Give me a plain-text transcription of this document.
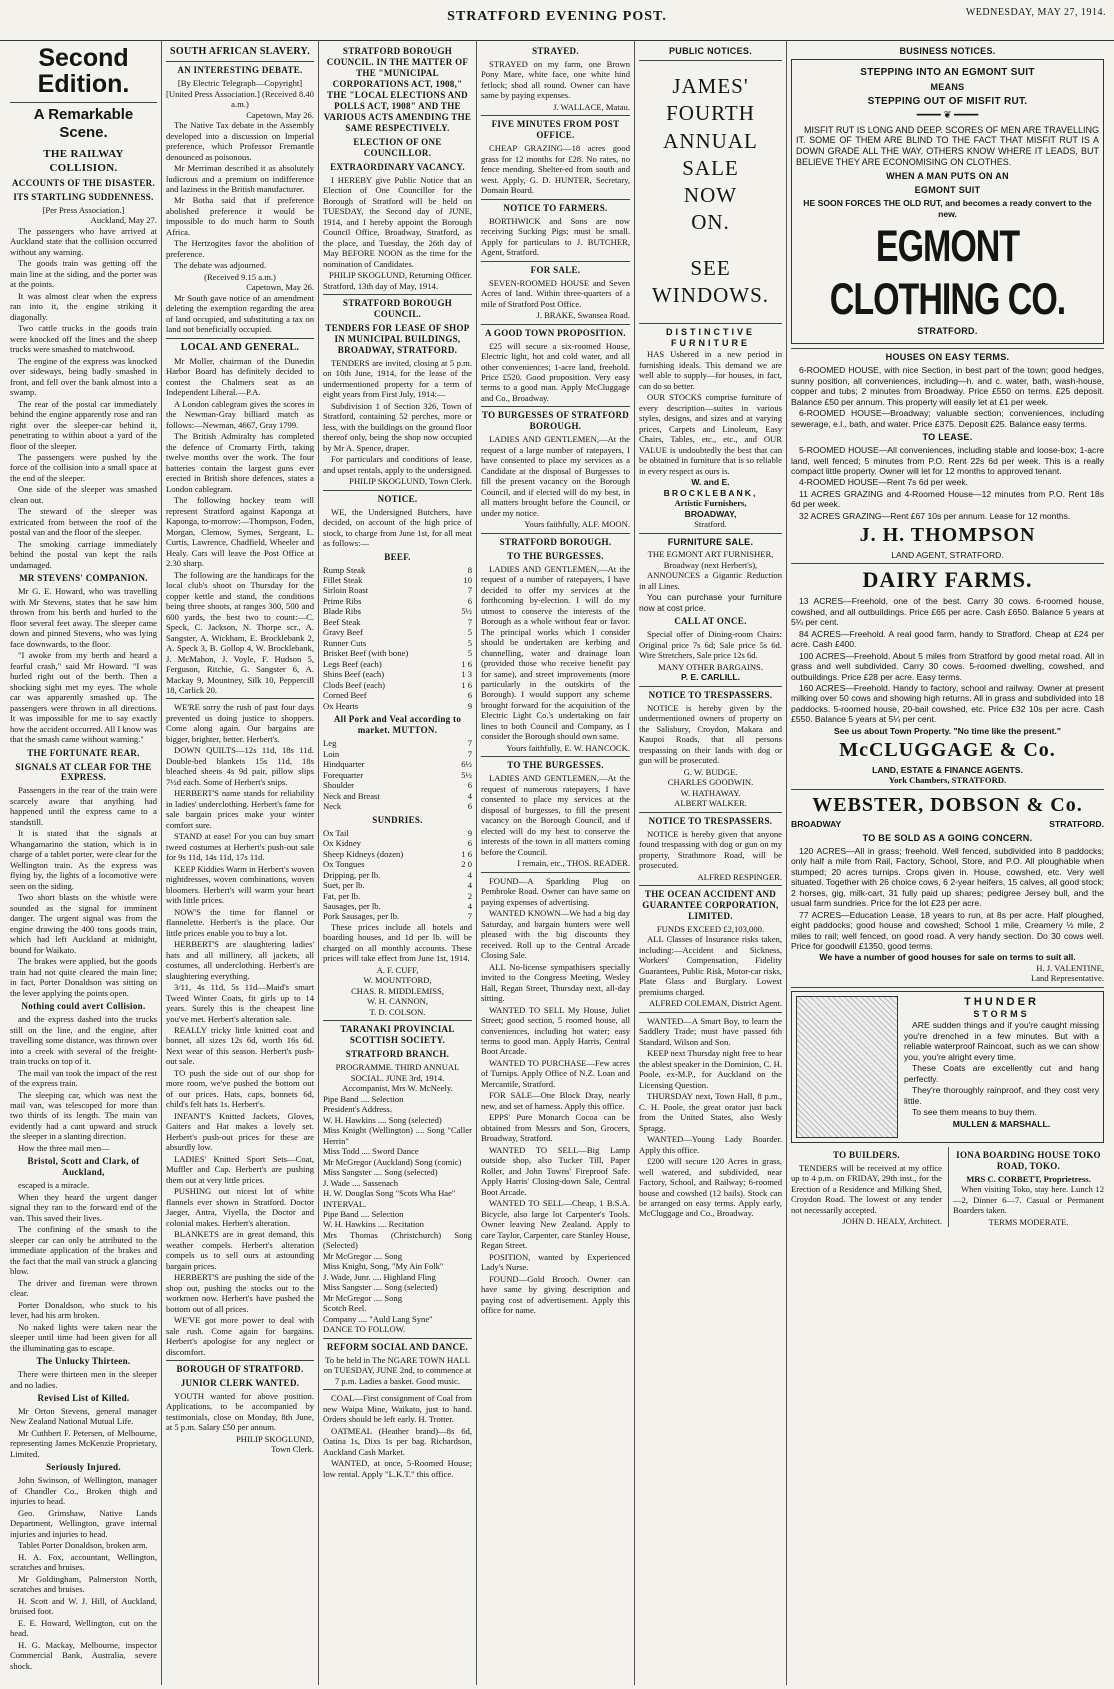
STRATFORD EVENING POST.	WEDNESDAY, MAY 27, 1914.
Second Edition.
A Remarkable Scene.
THE RAILWAY COLLISION.
ACCOUNTS OF THE DISASTER.
ITS STARTLING SUDDENNESS.
[Per Press Association.]
Auckland, May 27.

The passengers who have arrived at Auckland state that the collision occurred without any warning.

The goods train was getting off the main line at the siding, and the porter was at the points.

It was almost clear when the express ran into it, the engine striking it diagonally.

Two cattle trucks in the goods train were knocked off the lines and the sheep trucks were smashed to matchwood.

The engine of the express was knocked over sideways, being badly smashed in front, and fell over the bank almost into a swamp.

The rear of the postal car immediately behind the engine apparently rose and ran right over the sleeper-car behind it, penetrating to within about a yard of the floor of the sleeper.

The passengers were pushed by the force of the collision into a small space at the end of the sleeper.

One side of the sleeper was smashed clean out.

The steward of the sleeper was extricated from between the roof of the postal van and the floor of the sleeper.

The smoking carriage immediately behind the postal van kept the rails undamaged.

MR STEVENS' COMPANION.

Mr G. E. Howard, who was travelling with Mr Stevens, states that he saw him thrown from his berth and hurled to the floor several feet away. The sleeper came down and pinned Stevens, who was lying face downwards, to the floor.

"I awoke from my berth and heard a fearful crash," said Mr Howard. "I was hurled right out of the berth. Then a shocking sight met my eyes. The whole car was apparently smashed up. The passengers were thrown in all directions. It was impossible for me to say exactly how the accident occurred. All I know was that the smash came without warning."

THE FORTUNATE REAR.
SIGNALS AT CLEAR FOR THE EXPRESS.

Passengers in the rear of the train were scarcely aware that anything had happened until the express came to a standstill.

It is stated that the signals at Whangamarino the station, which is in charge of a tablet porter, were clear for the Wellington train. As the express was flying by, the lights of a locomotive were seen on the siding.

Two short blasts on the whistle were sounded as the signal for imminent danger. The urgent signal was from the engine drawing the 400 tons goods train, which had left Auckland at midnight, bound for Waikato.

The brakes were applied, but the goods train had not quite cleared the main line; in fact, Porter Donaldson was sitting on the lever applying the points open.

Nothing could avert Collision.

and the express dashed into the trucks still on the line, and the engine, after travelling some distance, was thrown over into a creek with several of the freight-train trucks on top of it.

The mail van took the impact of the rest of the express train.

The sleeping car, which was next the mail van, was telescoped for more than two thirds of its length. The main van evidently had a cant upward and struck the sleeper in a slanting direction.

How the three mail men—

Bristol, Scott and Clark, of Auckland,

escaped is a miracle.

When they heard the urgent danger signal they ran to the forward end of the van. This saved their lives.

The confining of the smash to the sleeper car can only be attributed to the immediate application of the brakes and the fact that the mail van struck a glancing blow.

The driver and fireman were thrown clear.

Porter Donaldson, who stuck to his lever, had his arm broken.

No naked lights were taken near the sleeper until time had been given for all the illuminating gas to escape.

The Unlucky Thirteen.

There were thirteen men in the sleeper and no ladies.

Revised List of Killed.

Mr Orton Stevens, general manager New Zealand National Mutual Life.

Mr Cuthbert F. Petersen, of Melbourne, representing James McKenzie Proprietary, Limited.

Seriously Injured.

John Swinson, of Wellington, manager of Chandler Co., Broken thigh and injuries to head.

Geo. Grimshaw, Native Lands Department, Wellington, grave internal injuries and injuries to head.

Tablet Porter Donaldson, broken arm.

H. A. Fox, accountant, Wellington, scratches and bruises.

Mr Goldingham, Palmerston North, scratches and bruises.

H. Scott and W. J. Hill, of Auckland, bruised foot.

E. E. Howard, Wellington, cut on the head.

H. G. Mackay, Melbourne, inspector Commercial Bank, Australia, severe shock.

SOUTH AFRICAN SLAVERY.
AN INTERESTING DEBATE.
[By Electric Telegraph—Copyright] [United Press Association.] (Received 8.40 a.m.)
Capetown, May 26.

The Native Tax debate in the Assembly developed into a discussion on Imperial preference, which Professor Fremantle denounced as poisonous.

Mr Merriman described it as absolutely ludicrous and a premium on indifference and laziness in the British manufacturer.

Mr Botha said that if preference abolished preference it would be impossible to do much harm to South Africa.

The Hertzogites favor the abolition of preference.

The debate was adjourned.

(Received 9.15 a.m.)
Capetown, May 26.

Mr South gave notice of an amendment deleting the exemption regarding the area of land occupied, and substituting a tax on land not beneficially occupied.

LOCAL AND GENERAL.

Mr Moller, chairman of the Dunedin Harbor Board has definitely decided to contest the Chalmers seat as an Independent Liberal.—P.A.

A London cablegram gives the scores in the Newman-Gray billiard match as follows:—Newman, 4667, Gray 1799.

The British Admiralty has completed the defence of Cromarty Firth, taking twelve months over the work. The four batteries contain the largest guns ever erected in British shore defences, states a London cablegram.

The following hockey team will represent Stratford against Kaponga at Kaponga, to-morrow:—Thompson, Foden, Morgan, Clemow, Symes, Sergeant, L. Curtis, Lawrence, Chadfield, Wheeler and Healy. Cars will leave the Post Office at 2.30 sharp.

The following are the handicaps for the local club's shoot on Thursday for the copper kettle and stand, the conditions being three shoots, at ranges 300, 500 and 600 yards, the best two to count:—C. Speck, C. Jackson, N. Thorpe scr., A. Sangster, A. Wickham, E. Brocklebank 2, A. Speck 3, B. Gollop 4, W. Brocklebank, J. McMahon, J. Voyle, F. Hudson 5, Ferguson, Ritchie, G. Sangster 6, A. Mackay 9, Mountney, Silk 10, Peppercill 18, Carlick 20.

WE'RE sorry the rush of past four days prevented us doing justice to shoppers. Come along again. Our bargains are bigger, brighter, better. Herbert's.

DOWN QUILTS—12s 11d, 18s 11d. Double-bed blankets 15s 11d, 18s bleached sheets 4s 9d pair, pillow slips 7½d each. Some of Herbert's snips.

HERBERT'S name stands for reliability in ladies' underclothing. Herbert's fame for sale bargain prices make your winter comfort sure.

STAND at ease! For you can buy smart tweed costumes at Herbert's push-out sale for 9s 11d, 14s 11d, 17s 11d.

KEEP Kiddies Warm in Herbert's woven nightdresses, woven combinations, woven bloomers. Herbert's will warm your heart with little prices.

NOW'S the time for flannel or flannelette. Herbert's is the place. Our little prices enable you to buy a lot.

HERBERT'S are slaughtering ladies' hats and all millinery, all jackets, all costumes, all underclothing. Herbert's are slaughtering everything.

3/11, 4s 11d, 5s 11d—Maid's smart Tweed Winter Coats, fit girls up to 14 years. Surely this is the cheapest line you've met. Herbert's alteration sale.

REALLY tricky little knitted coat and bonnet, all sizes 12s 6d, worth 16s 6d. Next wear of this season. Herbert's push-out sale.

TO push the side out of our shop for more room, we've pushed the bottom out of our prices. Hats, caps, bonnets 6d, child's felt hats 1s. Herbert's.

INFANT'S Knitted Jackets, Gloves, Gaiters and Hat makes a lovely set. Herbert's push-out prices for these are absurdly low.

LADIES' Knitted Sport Sets—Coat, Muffler and Cap. Herbert's are pushing them out at very little prices.

PUSHING out nicest lot of white flannels ever shown in Stratford. Doctor Jaeger, Antra, Viyella, the Doctor and colonial makes. Herbert's alteration.

BLANKETS are in great demand, this weather compels. Herbert's alteration compels us to sell ours at astounding bargain prices.

HERBERT'S are pushing the side of the shop out, pushing the stocks out to the workmen now. Herbert's have pushed the bottom out of all prices.

WE'VE got more power to deal with sale rush. Come again for bargains. Herbert's apologise for any neglect or discomfort.

BOROUGH OF STRATFORD.
JUNIOR CLERK WANTED.

YOUTH wanted for above position. Applications, to be accompanied by testimonials, close on Monday, 8th June, at 5 p.m. Salary £50 per annum.

PHILIP SKOGLUND,
Town Clerk.
STRATFORD BOROUGH COUNCIL. IN THE MATTER OF THE "MUNICIPAL CORPORATIONS ACT, 1908," THE "LOCAL ELECTIONS AND POLLS ACT, 1908" AND THE VARIOUS ACTS AMENDING THE SAME RESPECTIVELY.
ELECTION OF ONE COUNCILLOR.
EXTRAORDINARY VACANCY.

I HEREBY give Public Notice that an Election of One Councillor for the Borough of Stratford will be held on TUESDAY, the Second day of JUNE, 1914, and I hereby appoint the Borough Council Office, Broadway, Stratford, as the place, and Tuesday, the 26th day of May BEFORE NOON as the time for the nomination of Candidates.

PHILIP SKOGLUND, Returning Officer.
Stratford, 13th day of May, 1914.
STRATFORD BOROUGH COUNCIL.
TENDERS FOR LEASE OF SHOP IN MUNICIPAL BUILDINGS, BROADWAY, STRATFORD.

TENDERS are invited, closing at 5 p.m. on 10th June, 1914, for the lease of the undermentioned property for a term of eight years from First July, 1914:—

Subdivision 1 of Section 326, Town of Stratford, containing 52 perches, more or less, with the buildings on the ground floor thereof only, being the shop now occupied by Mr A. Spence, draper.

For particulars and conditions of lease, and upset rentals, apply to the undersigned.

PHILIP SKOGLUND, Town Clerk.
NOTICE.

WE, the Undersigned Butchers, have decided, on account of the high price of stock, to charge from June 1st, for all meat as follows:—

BEEF.
Rump Steak	8
Fillet Steak	10
Sirloin Roast	7
Prime Ribs	6
Blade Ribs	5½
Beef Steak	7
Gravy Beef	5
Runner Cuts	5
Brisket Beef (with bone)	5
Legs Beef (each)	1 6
Shins Beef (each)	1 3
Clods Beef (each)	1 6
Corned Beef	6
Ox Hearts	9
All Pork and Veal according to market. MUTTON.
Leg	7
Loin	7
Hindquarter	6½
Forequarter	5½
Shoulder	6
Neck and Breast	4
Neck	6
SUNDRIES.
Ox Tail	9
Ox Kidney	6
Sheep Kidneys (dozen)	1 6
Ox Tongues	2 0
Dripping, per lb.	4
Suet, per lb.	4
Fat, per lb.	2
Sausages, per lb.	4
Pork Sausages, per lb.	7

These prices include all hotels and boarding houses, and 1d per lb. will be charged on all monthly accounts. These prices will take effect from June 1st, 1914.

A. F. CUFF,
W. MOUNTFORD,
CHAS. R. MIDDLEMISS,
W. H. CANNON,
T. D. COLSON.
TARANAKI PROVINCIAL SCOTTISH SOCIETY.
STRATFORD BRANCH.
PROGRAMME. THIRD ANNUAL SOCIAL. JUNE 3rd, 1914.
Accompanist, Mrs W. McNeely.
Pipe Band .... Selection
President's Address.
W. H. Hawkins .... Song (selected)
Miss Knight (Wellington) .... Song "Caller Herrin"
Miss Todd .... Sword Dance
Mr McGregor (Auckland) Song (comic)
Miss Sangster .... Song (selected)
J. Wade .... Sassenach
H. W. Douglas Song "Scots Wha Hae"
INTERVAL.
Pipe Band .... Selection
W. H. Hawkins .... Recitation
Mrs Thomas (Christchurch) Song (Selected)
Mr McGregor .... Song
Miss Knight, Song, "My Ain Folk"
J. Wade, Junr. .... Highland Fling
Miss Sangster .... Song (selected)
Mr McGregor .... Song
Scotch Reel.
Company .... "Auld Lang Syne"
DANCE TO FOLLOW.
REFORM SOCIAL AND DANCE.
To be held in The NGARE TOWN HALL on TUESDAY, JUNE 2nd, to commence at 7 p.m. Ladies a basket. Good music.

COAL—First consignment of Coal from new Waipa Mine, Waikato, just to hand. Orders should be left early. H. Trotter.

OATMEAL (Heather brand)—8s 6d, Oatina 1s, Dixs 1s per bag. Richardson, Auckland Cash Market.

WANTED, at once, 5-Roomed House; low rental. Apply "L.K.T." this office.

STRAYED.

STRAYED on my farm, one Brown Pony Mare, white face, one white hind fetlock; shod all round. Owner can have same by paying expenses.

J. WALLACE, Matau.
FIVE MINUTES FROM POST OFFICE.

CHEAP GRAZING—18 acres good grass for 12 months for £28. No rates, no fence mending. Shelter-ed from south and west. Apply, G. D. HUNTER, Secretary, Domain Board.

NOTICE TO FARMERS.

BORTHWICK and Sons are now receiving Sucking Pigs; must be small. Apply for particulars to J. BUTCHER, Agent, Stratford.

FOR SALE.

SEVEN-ROOMED HOUSE and Seven Acres of land. Within three-quarters of a mile of Stratford Post Office.

J. BRAKE, Swansea Road.
A GOOD TOWN PROPOSITION.

£25 will secure a six-roomed House, Electric light, hot and cold water, and all other conveniences; 1-acre land, freehold. Price £520. Good proposition. Very easy terms to a good man. Apply McCluggage and Co., Broadway.

TO BURGESSES OF STRATFORD BOROUGH.

LADIES AND GENTLEMEN,—At the request of a large number of ratepayers, I have consented to place my services as a Candidate at the disposal of Burgesses to fill the present vacancy on the Borough Council, and if elected will do my best, in all matters brought before the Council, or under my notice.

Yours faithfully, ALF. MOON.
STRATFORD BOROUGH.
TO THE BURGESSES.

LADIES AND GENTLEMEN,—At the request of a number of ratepayers, I have decided to offer my services at the forthcoming by-election. I will do my utmost to conserve the interests of the Borough as a whole without fear or favor. The principal works which I consider should be undertaken are kerbing and channelling, water and drainage loan (provided those who receive benefit pay for same), and street improvements (more particularly in the outskirts of the Borough). I would support any scheme brought forward for the acquisition of the Electric Light Co.'s undertaking on fair lines to both Council and Company, as I consider the Borough should own same.

Yours faithfully, E. W. HANCOCK.
TO THE BURGESSES.

LADIES AND GENTLEMEN,—At the request of numerous ratepayers, I have consented to place my services at the disposal of burgesses, to fill the present vacancy on the Borough Council, and if elected will do my best to conserve the interests of the town in all matters coming before the Council.

I remain, etc., THOS. READER.

FOUND—A Sparkling Plug on Pembroke Road. Owner can have same on paying expenses of advertising.

WANTED KNOWN—We had a big day Saturday, and bargain hunters were well pleased with the big discounts they received. Roll up to the Central Arcade Closing Sale.

ALL No-license sympathisers specially invited to the Congress Meeting, Wesley Hall, Regan Street, Thursday next, all-day sitting.

WANTED TO SELL My House, Juliet Street; good section, 5 roomed house, all conveniences, including hot water; easy terms to good man. Apply Harris, Central Boot Arcade.

WANTED TO PURCHASE—Few acres of Turnips. Apply Office of N.Z. Loan and Mercantile, Stratford.

FOR SALE—One Block Dray, nearly new, and set of harness. Apply this office.

EPPS' Pure Monarch Cocoa can be obtained from Messrs and Son, Grocers, Broadway, Stratford.

WANTED TO SELL—Big Lamp outside shop, also Tucker Till, Paper Roller, and John Towns' Fireproof Safe. Apply Harris' Closing-down Sale, Central Boot Arcade.

WANTED TO SELL—Cheap, 1 B.S.A. Bicycle, also large lot Carpenter's Tools. Owner leaving New Zealand. Apply to care Taylor, Carpenter, care Stanley House, Regan Street.

POSITION, wanted by Experienced Lady's Nurse.

FOUND—Gold Brooch. Owner can have same by giving description and paying cost of advertisement. Apply this office for name.

PUBLIC NOTICES.
JAMES'
FOURTH
ANNUAL
SALE
NOW
ON.
SEE
WINDOWS.
DISTINCTIVE
FURNITURE

HAS Ushered in a new period in furnishing ideals. This demand we are well able to supply—for houses, in fact, can do so better.

OUR STOCKS comprise furniture of every description—suites in various styles, designs, and sizes and at varying prices, Carpets and Linoleum, Easy Chairs, Tables, etc., etc., and OUR VALUE is undoubtedly the best that can be obtained in furniture that is so reliable in every respect as ours is.

W. and E.
BROCKLEBANK,
Artistic Furnishers,
BROADWAY,
Stratford.
FURNITURE SALE.
THE EGMONT ART FURNISHER, Broadway (next Herbert's),

ANNOUNCES a Gigantic Reduction in all Lines.

You can purchase your furniture now at cost price.

CALL AT ONCE.

Special offer of Dining-room Chairs: Original price 7s 6d; Sale price 5s 6d. Wire Stretchers, Sale price 12s 6d.

MANY OTHER BARGAINS.
P. E. CARLILL.
NOTICE TO TRESPASSERS.

NOTICE is hereby given by the undermentioned owners of property on the Salisbury, Croydon, Makara and Kaupoi Roads, that all persons trespassing on their lands with dog or gun will be prosecuted.

G. W. BUDGE.
CHARLES GOODWIN.
W. HATHAWAY.
ALBERT WALKER.
NOTICE TO TRESPASSERS.

NOTICE is hereby given that anyone found trespassing with dog or gun on my property, Strathmore Road, will be prosecuted.

ALFRED RESPINGER.
THE OCEAN ACCIDENT AND GUARANTEE CORPORATION, LIMITED.
FUNDS EXCEED £2,103,000.

ALL Classes of Insurance risks taken, including:—Accident and Sickness, Workers' Compensation, Fidelity Guarantees, Public Risk, Motor-car risks, Plate Glass and Burglary. Lowest premiums charged.

ALFRED COLEMAN, District Agent.

WANTED—A Smart Boy, to learn the Saddlery Trade; must have passed 6th Standard. Wilson and Son.

KEEP next Thursday night free to hear the ablest speaker in the Dominion, C. H. Poole, ex-M.P., for Auckland on the Licensing Question.

THURSDAY next, Town Hall, 8 p.m., C. H. Poole, the great orator just back from the United States, also Wesly Spragg.

WANTED—Young Lady Boarder. Apply this office.

£200 will secure 120 Acres in grass, well watered, and subdivided, near Factory, School, and Railway; 6-roomed house and cowshed (12 bails). Stock can be arranged on easy terms. Apply early, McCluggage and Co., Broadway.

BUSINESS NOTICES.
STEPPING INTO AN EGMONT SUIT
MEANS
STEPPING OUT OF MISFIT RUT.
━━━━ ❦ ━━━━

MISFIT RUT IS LONG AND DEEP. SCORES OF MEN ARE TRAVELLING IT. SOME OF THEM ARE BLIND TO THE FACT THAT MISFIT RUT IS A DOWN GRADE ALL THE WAY. OTHERS KNOW WHERE IT LEADS, BUT BELIEVE THEY ARE ECONOMISING ON CLOTHES.

WHEN A MAN PUTS ON AN
EGMONT SUIT
HE SOON FORCES THE OLD RUT, and becomes a ready convert to the new.
EGMONT CLOTHING CO.
STRATFORD.
HOUSES ON EASY TERMS.

6-ROOMED HOUSE, with nice Section, in best part of the town; good hedges, sunny position, all conveniences, including—h. and c. water, bath, wash-house, copper and tubs; 2 minutes from Broadway. Price £550 on terms. £25 deposit. Balance £50 per annum. This property will easily let at £1 per week.

6-ROOMED HOUSE—Broadway; valuable section; conveniences, including sewerage, e.l., bath, and water. Price £375. Deposit £25. Balance easy terms.

TO LEASE.

5-ROOMED HOUSE—All conveniences, including stable and loose-box; 1-acre land, well fenced; 5 minutes from P.O. Rent 22s 6d per week. This is a really compact little property. Owner will let for 12 months to approved tenant.

4-ROOMED HOUSE—Rent 7s 6d per week.

11 ACRES GRAZING and 4-Roomed House—12 minutes from P.O. Rent 18s 6d per week.

32 ACRES GRAZING—Rent £67 10s per annum. Lease for 12 months.

J. H. THOMPSON
LAND AGENT, STRATFORD.
DAIRY FARMS.

13 ACRES—Freehold, one of the best. Carry 30 cows. 6-roomed house, cowshed, and all outbuildings. Price £65 per acre. Cash £650. Balance 5 years at 5¼ per cent.

84 ACRES—Freehold. A real good farm, handy to Stratford. Cheap at £24 per acre. Cash £400.

100 ACRES—Freehold. About 5 miles from Stratford by good metal road. All in grass and well subdivided. Carry 30 cows. 5-roomed dwelling, cowshed, and outbuildings. Price £28 per acre. Easy terms.

160 ACRES—Freehold. Handy to factory, school and railway. Owner at present milking over 50 cows and showing high returns. All in grass and subdivided into 18 paddocks. 5-roomed house, 20-bail cowshed, etc. Price £32 10s per acre. Cash £550. Balance 5 years at 5¼ per cent.

See us about Town Property. "No time like the present."
McCLUGGAGE & Co.
LAND, ESTATE & FINANCE AGENTS.
York Chambers, STRATFORD.
WEBSTER, DOBSON & Co.
BROADWAY	STRATFORD.
TO BE SOLD AS A GOING CONCERN.

120 ACRES—All in grass; freehold. Well fenced, subdivided into 8 paddocks; only half a mile from Rail, Factory, School, Store, and P.O. All ploughable when stumped; 20 acres turnips. Crops given in. House, cowshed, etc. Very well situated. Together with 26 choice cows, 6 2-year heifers, 15 calves, all good stock; 2 horses, gig, milk-cart, 31 fully paid up shares; pedigree Jersey bull, and the usual farm sundries. Price for the lot £23 per acre.

77 ACRES—Education Lease, 18 years to run, at 8s per acre. Half ploughed, eight paddocks; good house and cowshed; School 1 mile, Creamery ½ mile, 2 miles to rail; well fenced, on good road. A very handy section. Do 30 cows well. Price for goodwill £1350, good terms.

We have a number of good houses for sale on terms to suit all.
H. J. VALENTINE,
Land Representative.
THUNDER
STORMS

ARE sudden things and if you're caught missing you're drenched in a few minutes. But with a reliable waterproof Raincoat, such as we can show you, you're alright every time.

These Coats are excellently cut and hang perfectly.

They're thoroughly rainproof, and they cost very little.

To see them means to buy them.

MULLEN & MARSHALL.
TO BUILDERS.

TENDERS will be received at my office up to 4 p.m. on FRIDAY, 29th inst., for the Erection of a Residence and Milking Shed, Croydon Road. The lowest or any tender not necessarily accepted.

JOHN D. HEALY, Architect.
IONA BOARDING HOUSE TOKO ROAD, TOKO.
MRS C. CORBETT, Proprietress.

When visiting Toko, stay here. Lunch 12—2, Dinner 6—7. Casual or Permanent Boarders taken.

TERMS MODERATE.
